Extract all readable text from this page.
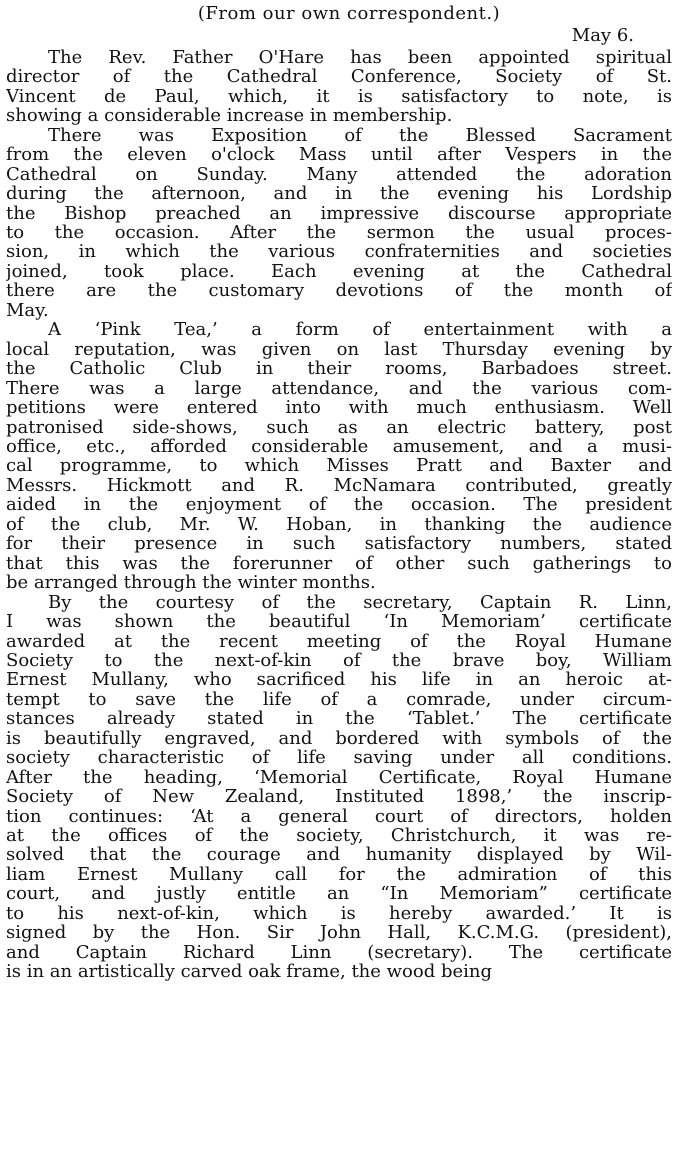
(From our own correspondent.)
May 6.
The Rev. Father O'Hare has been appointed spiritual
director of the Cathedral Conference, Society of St.
Vincent de Paul, which, it is satisfactory to note, is
showing a considerable increase in membership.
There was Exposition of the Blessed Sacrament
from the eleven o'clock Mass until after Vespers in the
Cathedral on Sunday. Many attended the adoration
during the afternoon, and in the evening his Lordship
the Bishop preached an impressive discourse appropriate
to the occasion. After the sermon the usual proces-
sion, in which the various confraternities and societies
joined, took place. Each evening at the Cathedral
there are the customary devotions of the month of
May.
A ‘Pink Tea,’ a form of entertainment with a
local reputation, was given on last Thursday evening by
the Catholic Club in their rooms, Barbadoes street.
There was a large attendance, and the various com-
petitions were entered into with much enthusiasm. Well
patronised side-shows, such as an electric battery, post
office, etc., afforded considerable amusement, and a musi-
cal programme, to which Misses Pratt and Baxter and
Messrs. Hickmott and R. McNamara contributed, greatly
aided in the enjoyment of the occasion. The president
of the club, Mr. W. Hoban, in thanking the audience
for their presence in such satisfactory numbers, stated
that this was the forerunner of other such gatherings to
be arranged through the winter months.
By the courtesy of the secretary, Captain R. Linn,
I was shown the beautiful ‘In Memoriam’ certificate
awarded at the recent meeting of the Royal Humane
Society to the next-of-kin of the brave boy, William
Ernest Mullany, who sacrificed his life in an heroic at-
tempt to save the life of a comrade, under circum-
stances already stated in the ‘Tablet.’ The certificate
is beautifully engraved, and bordered with symbols of the
society characteristic of life saving under all conditions.
After the heading, ‘Memorial Certificate, Royal Humane
Society of New Zealand, Instituted 1898,’ the inscrip-
tion continues: ‘At a general court of directors, holden
at the offices of the society, Christchurch, it was re-
solved that the courage and humanity displayed by Wil-
liam Ernest Mullany call for the admiration of this
court, and justly entitle an “In Memoriam” certificate
to his next-of-kin, which is hereby awarded.’ It is
signed by the Hon. Sir John Hall, K.C.M.G. (president),
and Captain Richard Linn (secretary). The certificate
is in an artistically carved oak frame, the wood being
